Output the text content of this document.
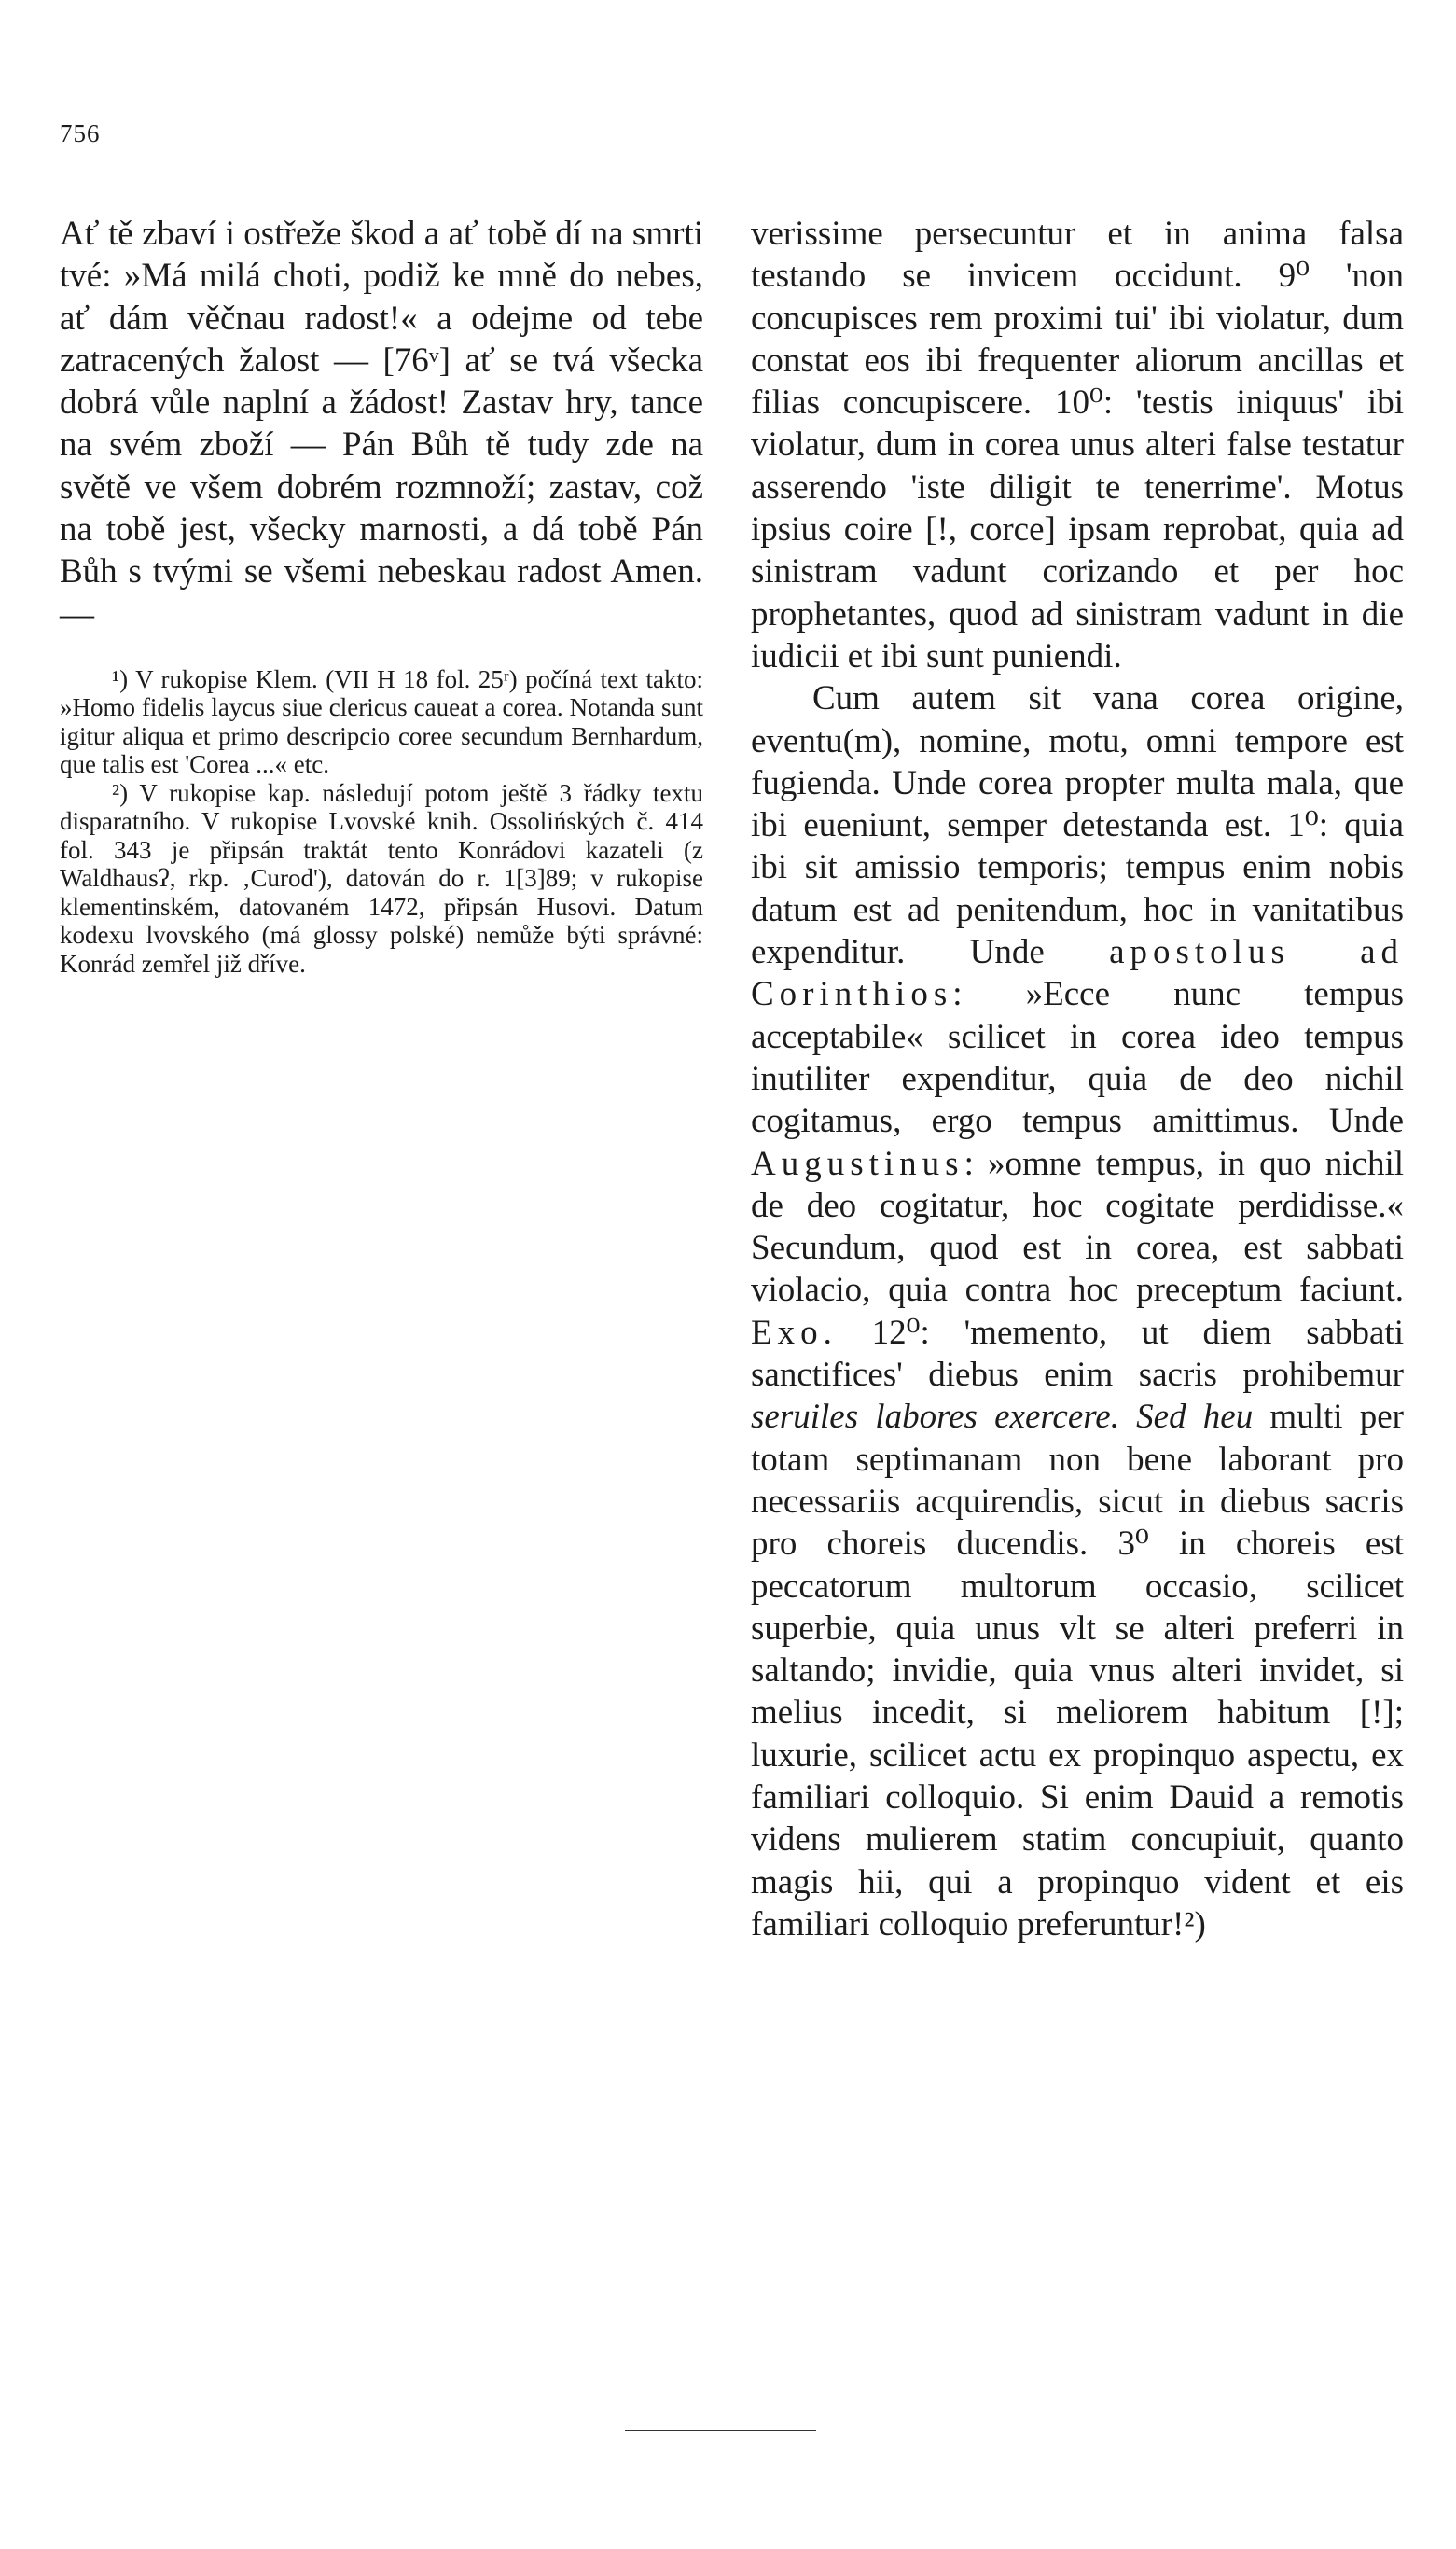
756

Ať tě zbaví i ostřeže škod a ať tobě dí na smrti tvé: »Má milá choti, podiž ke mně do nebes, ať dám věčnau radost!« a odejme od tebe zatracených žalost — [76ᵛ] ať se tvá všecka dobrá vůle naplní a žádost! Zastav hry, tance na svém zboží — Pán Bůh tě tudy zde na světě ve všem dobrém rozmnoží; zastav, což na tobě jest, všecky marnosti, a dá tobě Pán Bůh s tvými se všemi nebeskau radost Amen.—

¹) V rukopise Klem. (VII H 18 fol. 25ʳ) počíná text takto: »Homo fidelis laycus siue clericus caueat a corea. Notanda sunt igitur aliqua et primo descripcio coree secundum Bernhardum, que talis est 'Corea ...« etc.

²) V rukopise kap. následují potom ještě 3 řádky textu disparatního. V rukopise Lvovské knih. Ossolińských č. 414 fol. 343 je připsán traktát tento Konrádovi kazateli (z Waldhausʔ, rkp. ‚Curod'), datován do r. 1[3]89; v rukopise klementinském, datovaném 1472, připsán Husovi. Datum kodexu lvovského (má glossy polské) nemůže býti správné: Konrád zemřel již dříve.

verissime persecuntur et in anima falsa testando se invicem occidunt. 9⁰ 'non concupisces rem proximi tui' ibi violatur, dum constat eos ibi frequenter aliorum ancillas et filias concupiscere. 10⁰: 'testis iniquus' ibi violatur, dum in corea unus alteri false testatur asserendo 'iste diligit te tenerrime'. Motus ipsius coire [!, corce] ipsam reprobat, quia ad sinistram vadunt corizando et per hoc prophetantes, quod ad sinistram vadunt in die iudicii et ibi sunt puniendi.

Cum autem sit vana corea origine, eventu(m), nomine, motu, omni tempore est fugienda. Unde corea propter multa mala, que ibi eueniunt, semper detestanda est. 1⁰: quia ibi sit amissio temporis; tempus enim nobis datum est ad penitendum, hoc in vanitatibus expenditur. Unde apostolus ad Corinthios: »Ecce nunc tempus acceptabile« scilicet in corea ideo tempus inutiliter expenditur, quia de deo nichil cogitamus, ergo tempus amittimus. Unde Augustinus: »omne tempus, in quo nichil de deo cogitatur, hoc cogitate perdidisse.« Secundum, quod est in corea, est sabbati violacio, quia contra hoc preceptum faciunt. Exo. 12⁰: 'memento, ut diem sabbati sanctifices' diebus enim sacris prohibemur seruiles labores exercere. Sed heu multi per totam septimanam non bene laborant pro necessariis acquirendis, sicut in diebus sacris pro choreis ducendis. 3⁰ in choreis est peccatorum multorum occasio, scilicet superbie, quia unus vlt se alteri preferri in saltando; invidie, quia vnus alteri invidet, si melius incedit, si meliorem habitum [!]; luxurie, scilicet actu ex propinquo aspectu, ex familiari colloquio. Si enim Dauid a remotis videns mulierem statim concupiuit, quanto magis hii, qui a propinquo vident et eis familiari colloquio preferuntur!²)
